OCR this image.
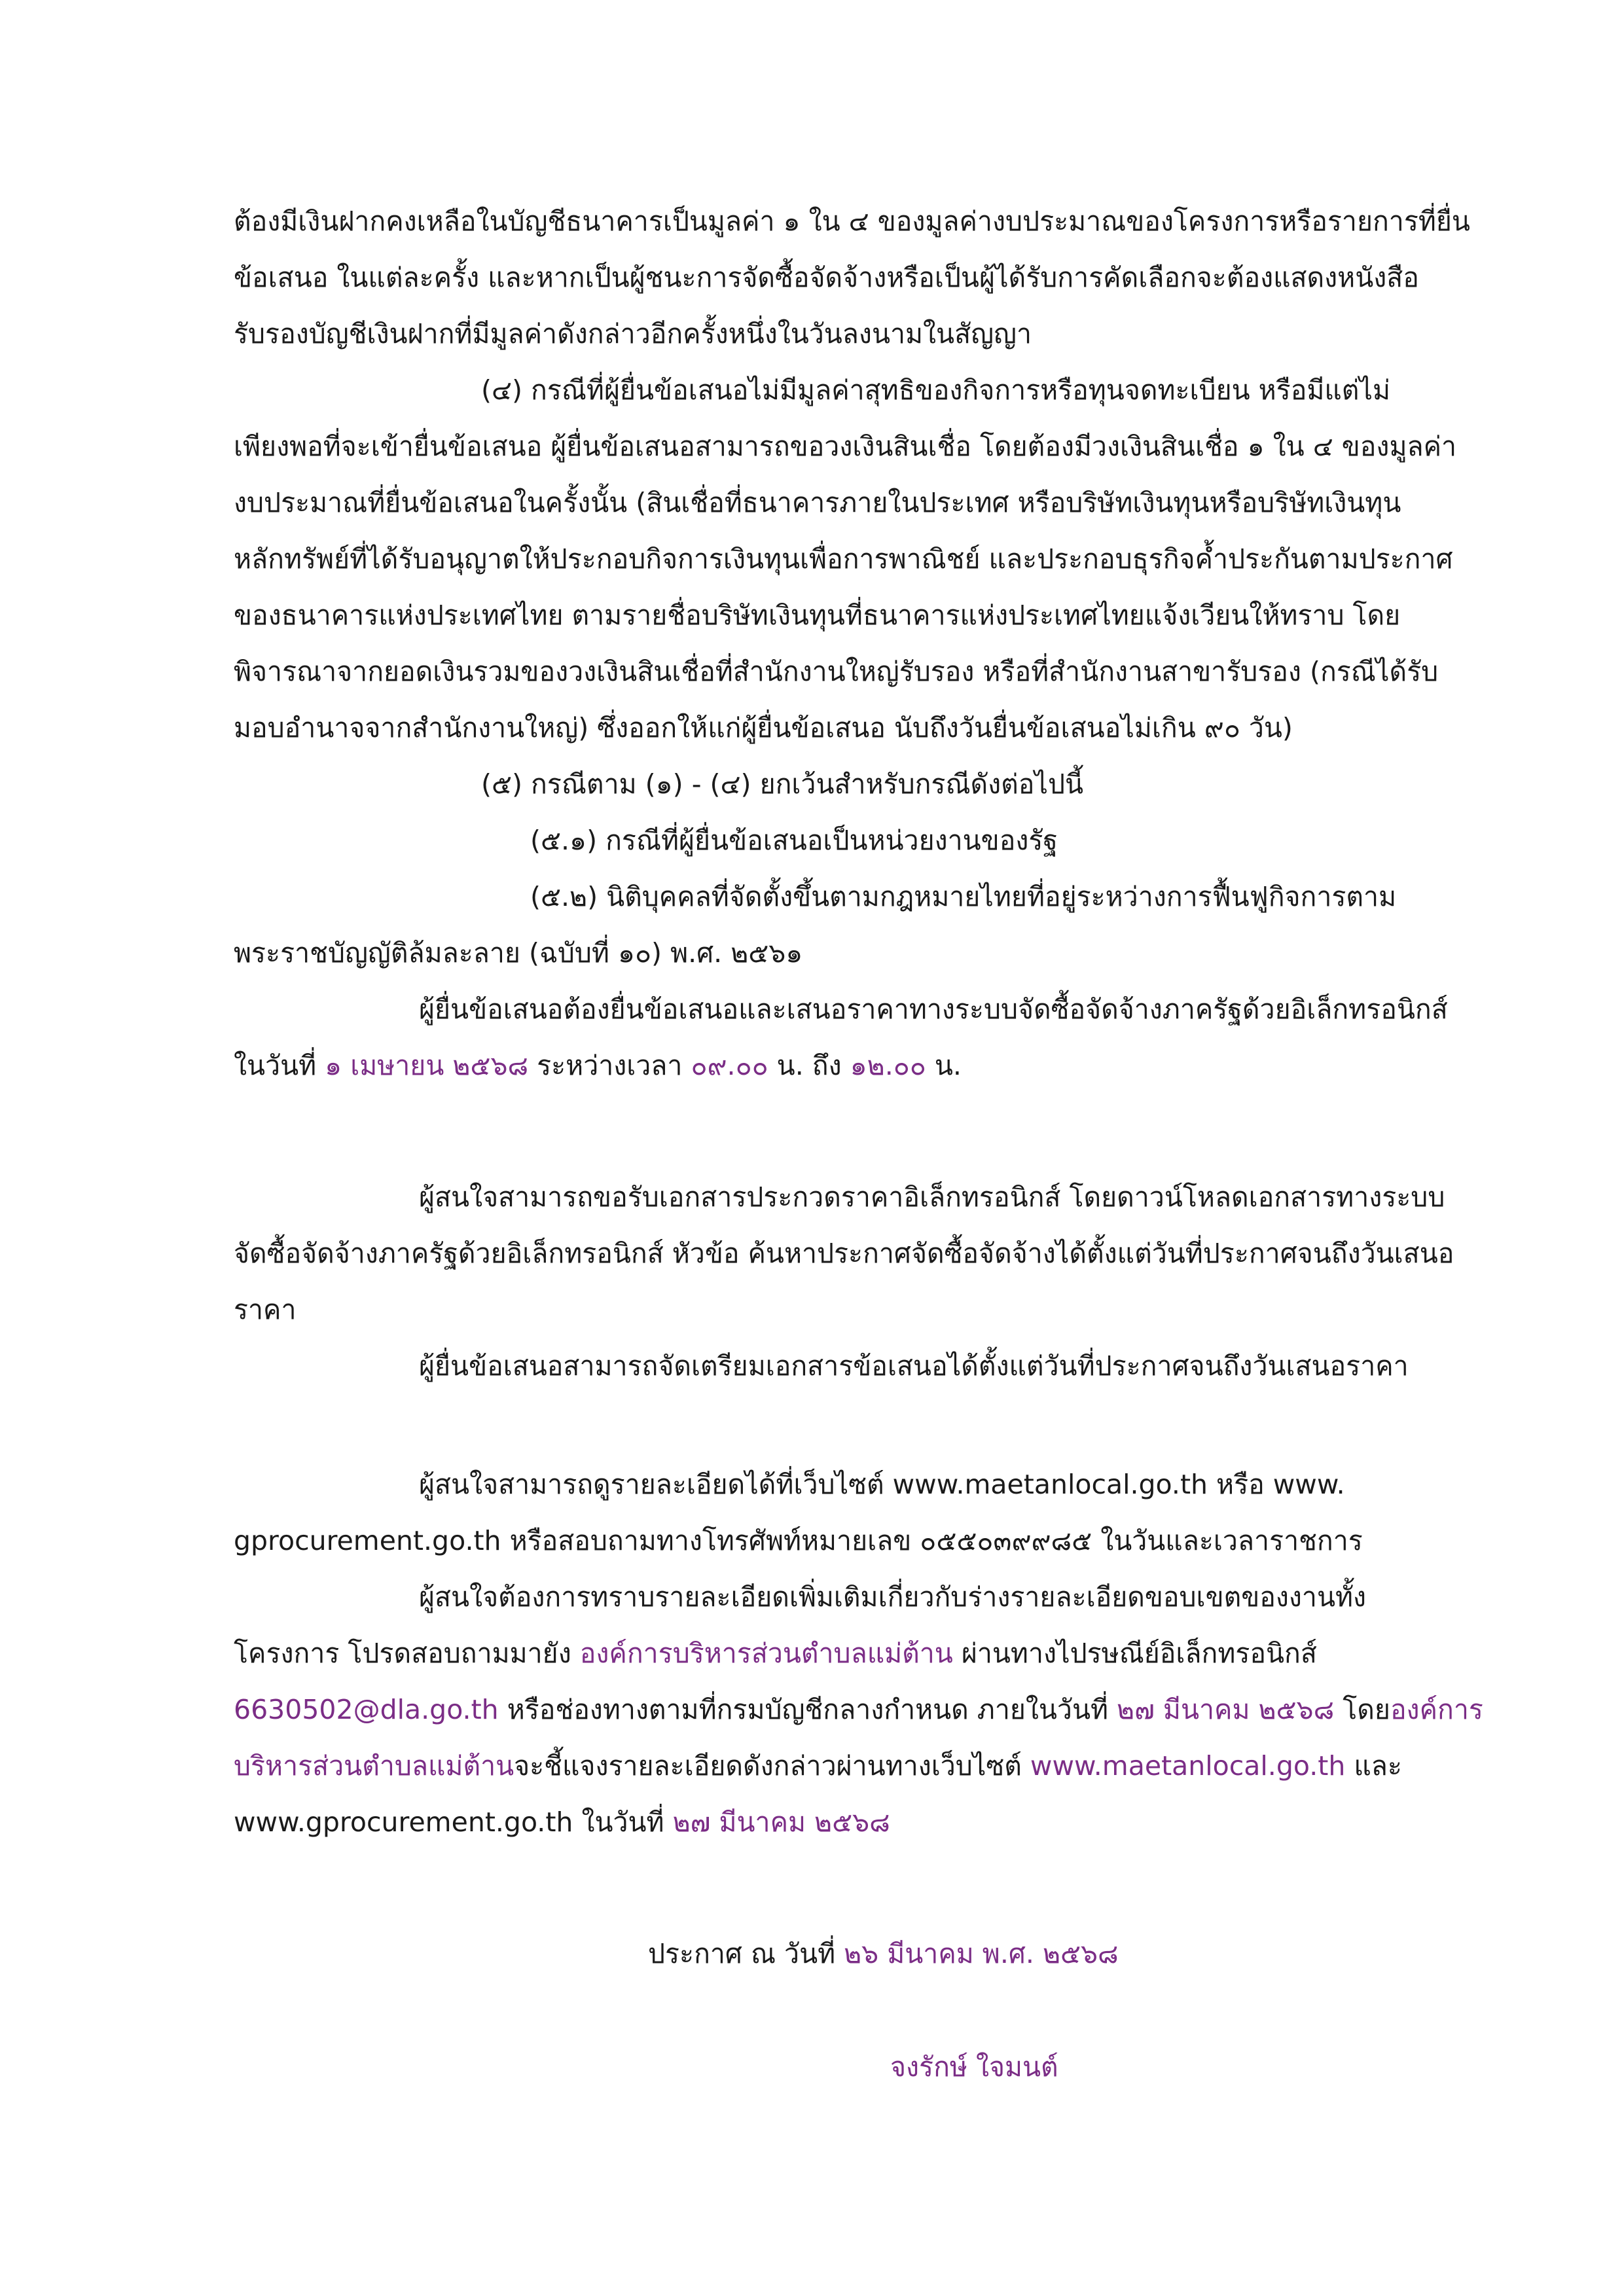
ต้องมีเงินฝากคงเหลือในบัญชีธนาคารเป็นมูลค่า ๑ ใน ๔ ของมูลค่างบประมาณของโครงการหรือรายการที่ยื่น

ข้อเสนอ ในแต่ละครั้ง และหากเป็นผู้ชนะการจัดซื้อจัดจ้างหรือเป็นผู้ได้รับการคัดเลือกจะต้องแสดงหนังสือ

รับรองบัญชีเงินฝากที่มีมูลค่าดังกล่าวอีกครั้งหนึ่งในวันลงนามในสัญญา

(๔) กรณีที่ผู้ยื่นข้อเสนอไม่มีมูลค่าสุทธิของกิจการหรือทุนจดทะเบียน หรือมีแต่ไม่

เพียงพอที่จะเข้ายื่นข้อเสนอ ผู้ยื่นข้อเสนอสามารถขอวงเงินสินเชื่อ โดยต้องมีวงเงินสินเชื่อ ๑ ใน ๔ ของมูลค่า

งบประมาณที่ยื่นข้อเสนอในครั้งนั้น (สินเชื่อที่ธนาคารภายในประเทศ หรือบริษัทเงินทุนหรือบริษัทเงินทุน

หลักทรัพย์ที่ได้รับอนุญาตให้ประกอบกิจการเงินทุนเพื่อการพาณิชย์ และประกอบธุรกิจค้ำประกันตามประกาศ

ของธนาคารแห่งประเทศไทย ตามรายชื่อบริษัทเงินทุนที่ธนาคารแห่งประเทศไทยแจ้งเวียนให้ทราบ โดย

พิจารณาจากยอดเงินรวมของวงเงินสินเชื่อที่สำนักงานใหญ่รับรอง หรือที่สำนักงานสาขารับรอง (กรณีได้รับ

มอบอำนาจจากสำนักงานใหญ่) ซึ่งออกให้แก่ผู้ยื่นข้อเสนอ นับถึงวันยื่นข้อเสนอไม่เกิน ๙๐ วัน)

(๕) กรณีตาม (๑) - (๔) ยกเว้นสำหรับกรณีดังต่อไปนี้

(๕.๑) กรณีที่ผู้ยื่นข้อเสนอเป็นหน่วยงานของรัฐ

(๕.๒) นิติบุคคลที่จัดตั้งขึ้นตามกฎหมายไทยที่อยู่ระหว่างการฟื้นฟูกิจการตาม

พระราชบัญญัติล้มละลาย (ฉบับที่ ๑๐) พ.ศ. ๒๕๖๑

ผู้ยื่นข้อเสนอต้องยื่นข้อเสนอและเสนอราคาทางระบบจัดซื้อจัดจ้างภาครัฐด้วยอิเล็กทรอนิกส์

ในวันที่ ๑ เมษายน ๒๕๖๘ ระหว่างเวลา ๐๙.๐๐ น. ถึง ๑๒.๐๐ น.

ผู้สนใจสามารถขอรับเอกสารประกวดราคาอิเล็กทรอนิกส์ โดยดาวน์โหลดเอกสารทางระบบ

จัดซื้อจัดจ้างภาครัฐด้วยอิเล็กทรอนิกส์ หัวข้อ ค้นหาประกาศจัดซื้อจัดจ้างได้ตั้งแต่วันที่ประกาศจนถึงวันเสนอ

ราคา

ผู้ยื่นข้อเสนอสามารถจัดเตรียมเอกสารข้อเสนอได้ตั้งแต่วันที่ประกาศจนถึงวันเสนอราคา

ผู้สนใจสามารถดูรายละเอียดได้ที่เว็บไซต์ www.maetanlocal.go.th หรือ www.

gprocurement.go.th หรือสอบถามทางโทรศัพท์หมายเลข ๐๕๕๐๓๙๙๘๕ ในวันและเวลาราชการ

ผู้สนใจต้องการทราบรายละเอียดเพิ่มเติมเกี่ยวกับร่างรายละเอียดขอบเขตของงานทั้ง

โครงการ โปรดสอบถามมายัง องค์การบริหารส่วนตำบลแม่ต้าน ผ่านทางไปรษณีย์อิเล็กทรอนิกส์

6630502@dla.go.th หรือช่องทางตามที่กรมบัญชีกลางกำหนด ภายในวันที่ ๒๗ มีนาคม ๒๕๖๘ โดยองค์การ

บริหารส่วนตำบลแม่ต้านจะชี้แจงรายละเอียดดังกล่าวผ่านทางเว็บไซต์ www.maetanlocal.go.th และ

www.gprocurement.go.th ในวันที่ ๒๗ มีนาคม ๒๕๖๘

ประกาศ ณ วันที่ ๒๖ มีนาคม พ.ศ. ๒๕๖๘

จงรักษ์ ใจมนต์
